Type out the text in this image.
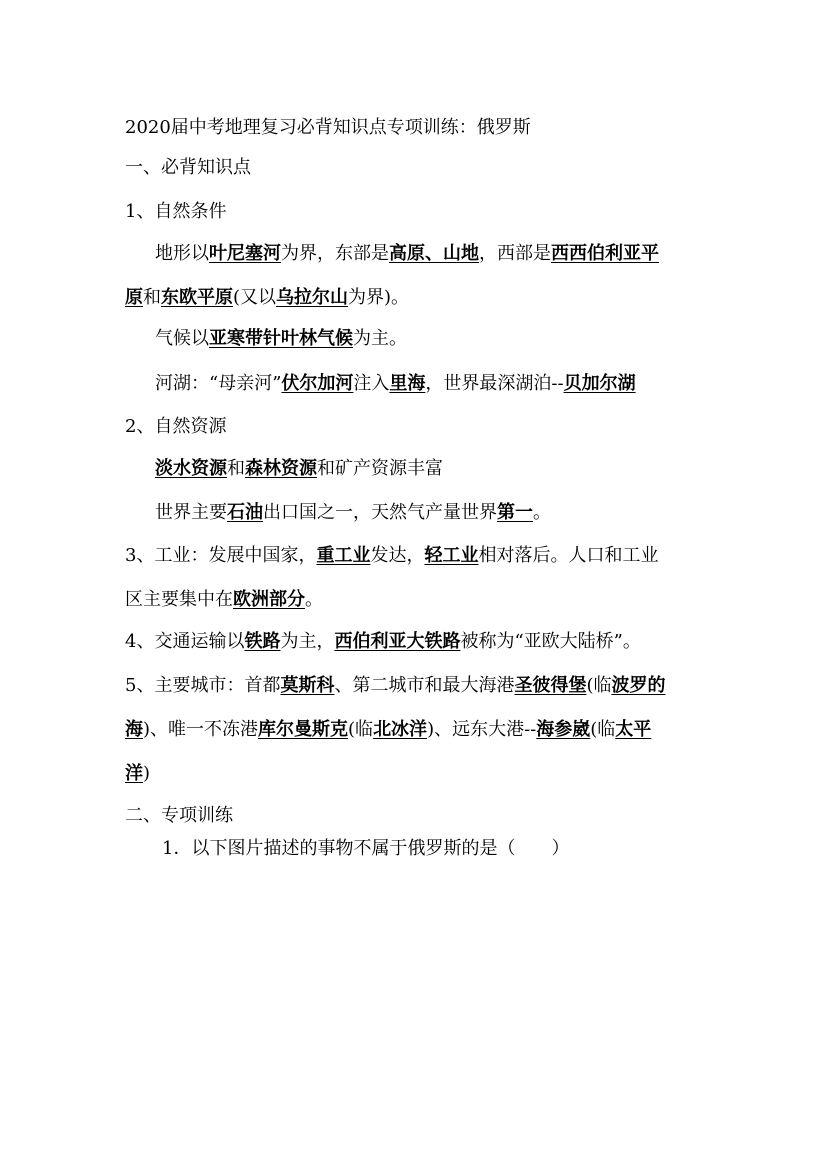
2020届中考地理复习必背知识点专项训练：俄罗斯
一、必背知识点
1、自然条件
地形以叶尼塞河为界，东部是高原、山地，西部是西西伯利亚平
原和东欧平原(又以乌拉尔山为界)。
气候以亚寒带针叶林气候为主。
河湖：“母亲河”伏尔加河注入里海，世界最深湖泊--贝加尔湖
2、自然资源
淡水资源和森林资源和矿产资源丰富
世界主要石油出口国之一，天然气产量世界第一。
3、工业：发展中国家，重工业发达，轻工业相对落后。人口和工业
区主要集中在欧洲部分。
4、交通运输以铁路为主，西伯利亚大铁路被称为“亚欧大陆桥”。
5、主要城市：首都莫斯科、第二城市和最大海港圣彼得堡(临波罗的
海)、唯一不冻港库尔曼斯克(临北冰洋)、远东大港--海参崴(临太平
洋)
二、专项训练
1．以下图片描述的事物不属于俄罗斯的是（　　）
